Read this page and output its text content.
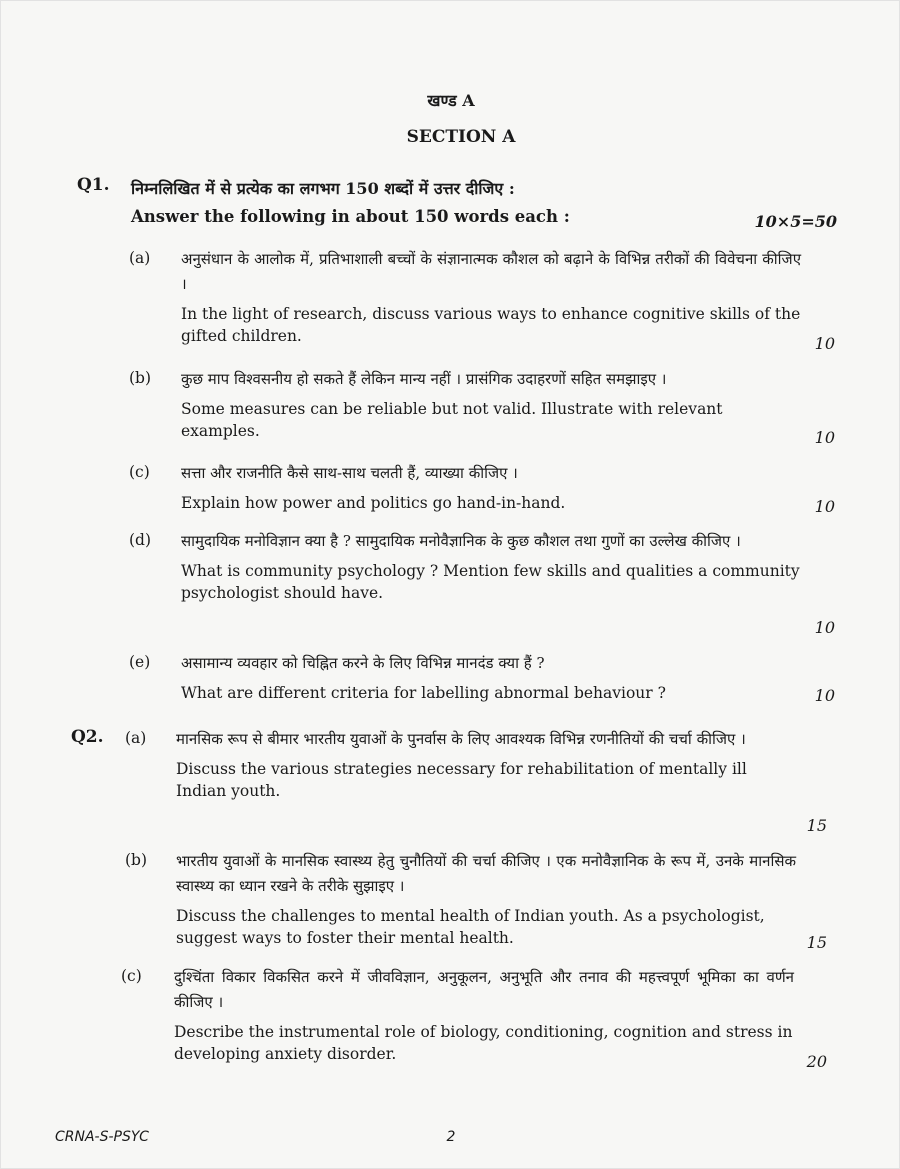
खण्ड A
SECTION A
Q1. निम्नलिखित में से प्रत्येक का लगभग 150 शब्दों में उत्तर दीजिए :
Answer the following in about 150 words each :	10×5=50
(a) अनुसंधान के आलोक में, प्रतिभाशाली बच्चों के संज्ञानात्मक कौशल को बढ़ाने के विभिन्न तरीकों की विवेचना कीजिए ।
In the light of research, discuss various ways to enhance cognitive skills of the gifted children.	10
(b) कुछ माप विश्वसनीय हो सकते हैं लेकिन मान्य नहीं । प्रासंगिक उदाहरणों सहित समझाइए ।
Some measures can be reliable but not valid. Illustrate with relevant examples.	10
(c) सत्ता और राजनीति कैसे साथ-साथ चलती हैं, व्याख्या कीजिए ।
Explain how power and politics go hand-in-hand.	10
(d) सामुदायिक मनोविज्ञान क्या है ? सामुदायिक मनोवैज्ञानिक के कुछ कौशल तथा गुणों का उल्लेख कीजिए ।
What is community psychology ? Mention few skills and qualities a community psychologist should have.
10
(e) असामान्य व्यवहार को चिह्नित करने के लिए विभिन्न मानदंड क्या हैं ?
What are different criteria for labelling abnormal behaviour ?	10
Q2. (a) मानसिक रूप से बीमार भारतीय युवाओं के पुनर्वास के लिए आवश्यक विभिन्न रणनीतियों की चर्चा कीजिए ।
Discuss the various strategies necessary for rehabilitation of mentally ill Indian youth.
15
(b) भारतीय युवाओं के मानसिक स्वास्थ्य हेतु चुनौतियों की चर्चा कीजिए । एक मनोवैज्ञानिक के रूप में, उनके मानसिक स्वास्थ्य का ध्यान रखने के तरीके सुझाइए ।
Discuss the challenges to mental health of Indian youth. As a psychologist, suggest ways to foster their mental health.	15
(c) दुश्चिंता विकार विकसित करने में जीवविज्ञान, अनुकूलन, अनुभूति और तनाव की महत्त्वपूर्ण भूमिका का वर्णन कीजिए ।
Describe the instrumental role of biology, conditioning, cognition and stress in developing anxiety disorder.	20
CRNA-S-PSYC	2
